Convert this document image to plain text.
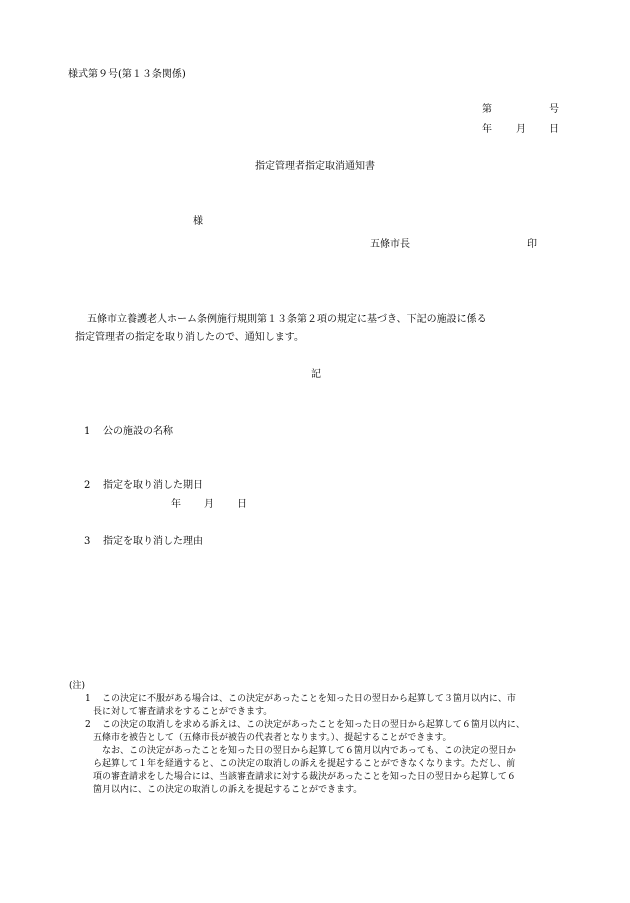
様式第９号(第１３条関係)
第	号
年 月 日
指定管理者指定取消通知書
様
五條市長	印
五條市立養護老人ホーム条例施行規則第１３条第２項の規定に基づき、下記の施設に係る
指定管理者の指定を取り消したので、通知します。
記
1 公の施設の名称
2 指定を取り消した期日
年 月 日
3 指定を取り消した理由
(注)
1 この決定に不服がある場合は、この決定があったことを知った日の翌日から起算して３箇月以内に、市
長に対して審査請求をすることができます。
2 この決定の取消しを求める訴えは、この決定があったことを知った日の翌日から起算して６箇月以内に、
五條市を被告として（五條市長が被告の代表者となります。）、提起することができます。
なお、この決定があったことを知った日の翌日から起算して６箇月以内であっても、この決定の翌日か
ら起算して１年を経過すると、この決定の取消しの訴えを提起することができなくなります。ただし、前
項の審査請求をした場合には、当該審査請求に対する裁決があったことを知った日の翌日から起算して６
箇月以内に、この決定の取消しの訴えを提起することができます。
